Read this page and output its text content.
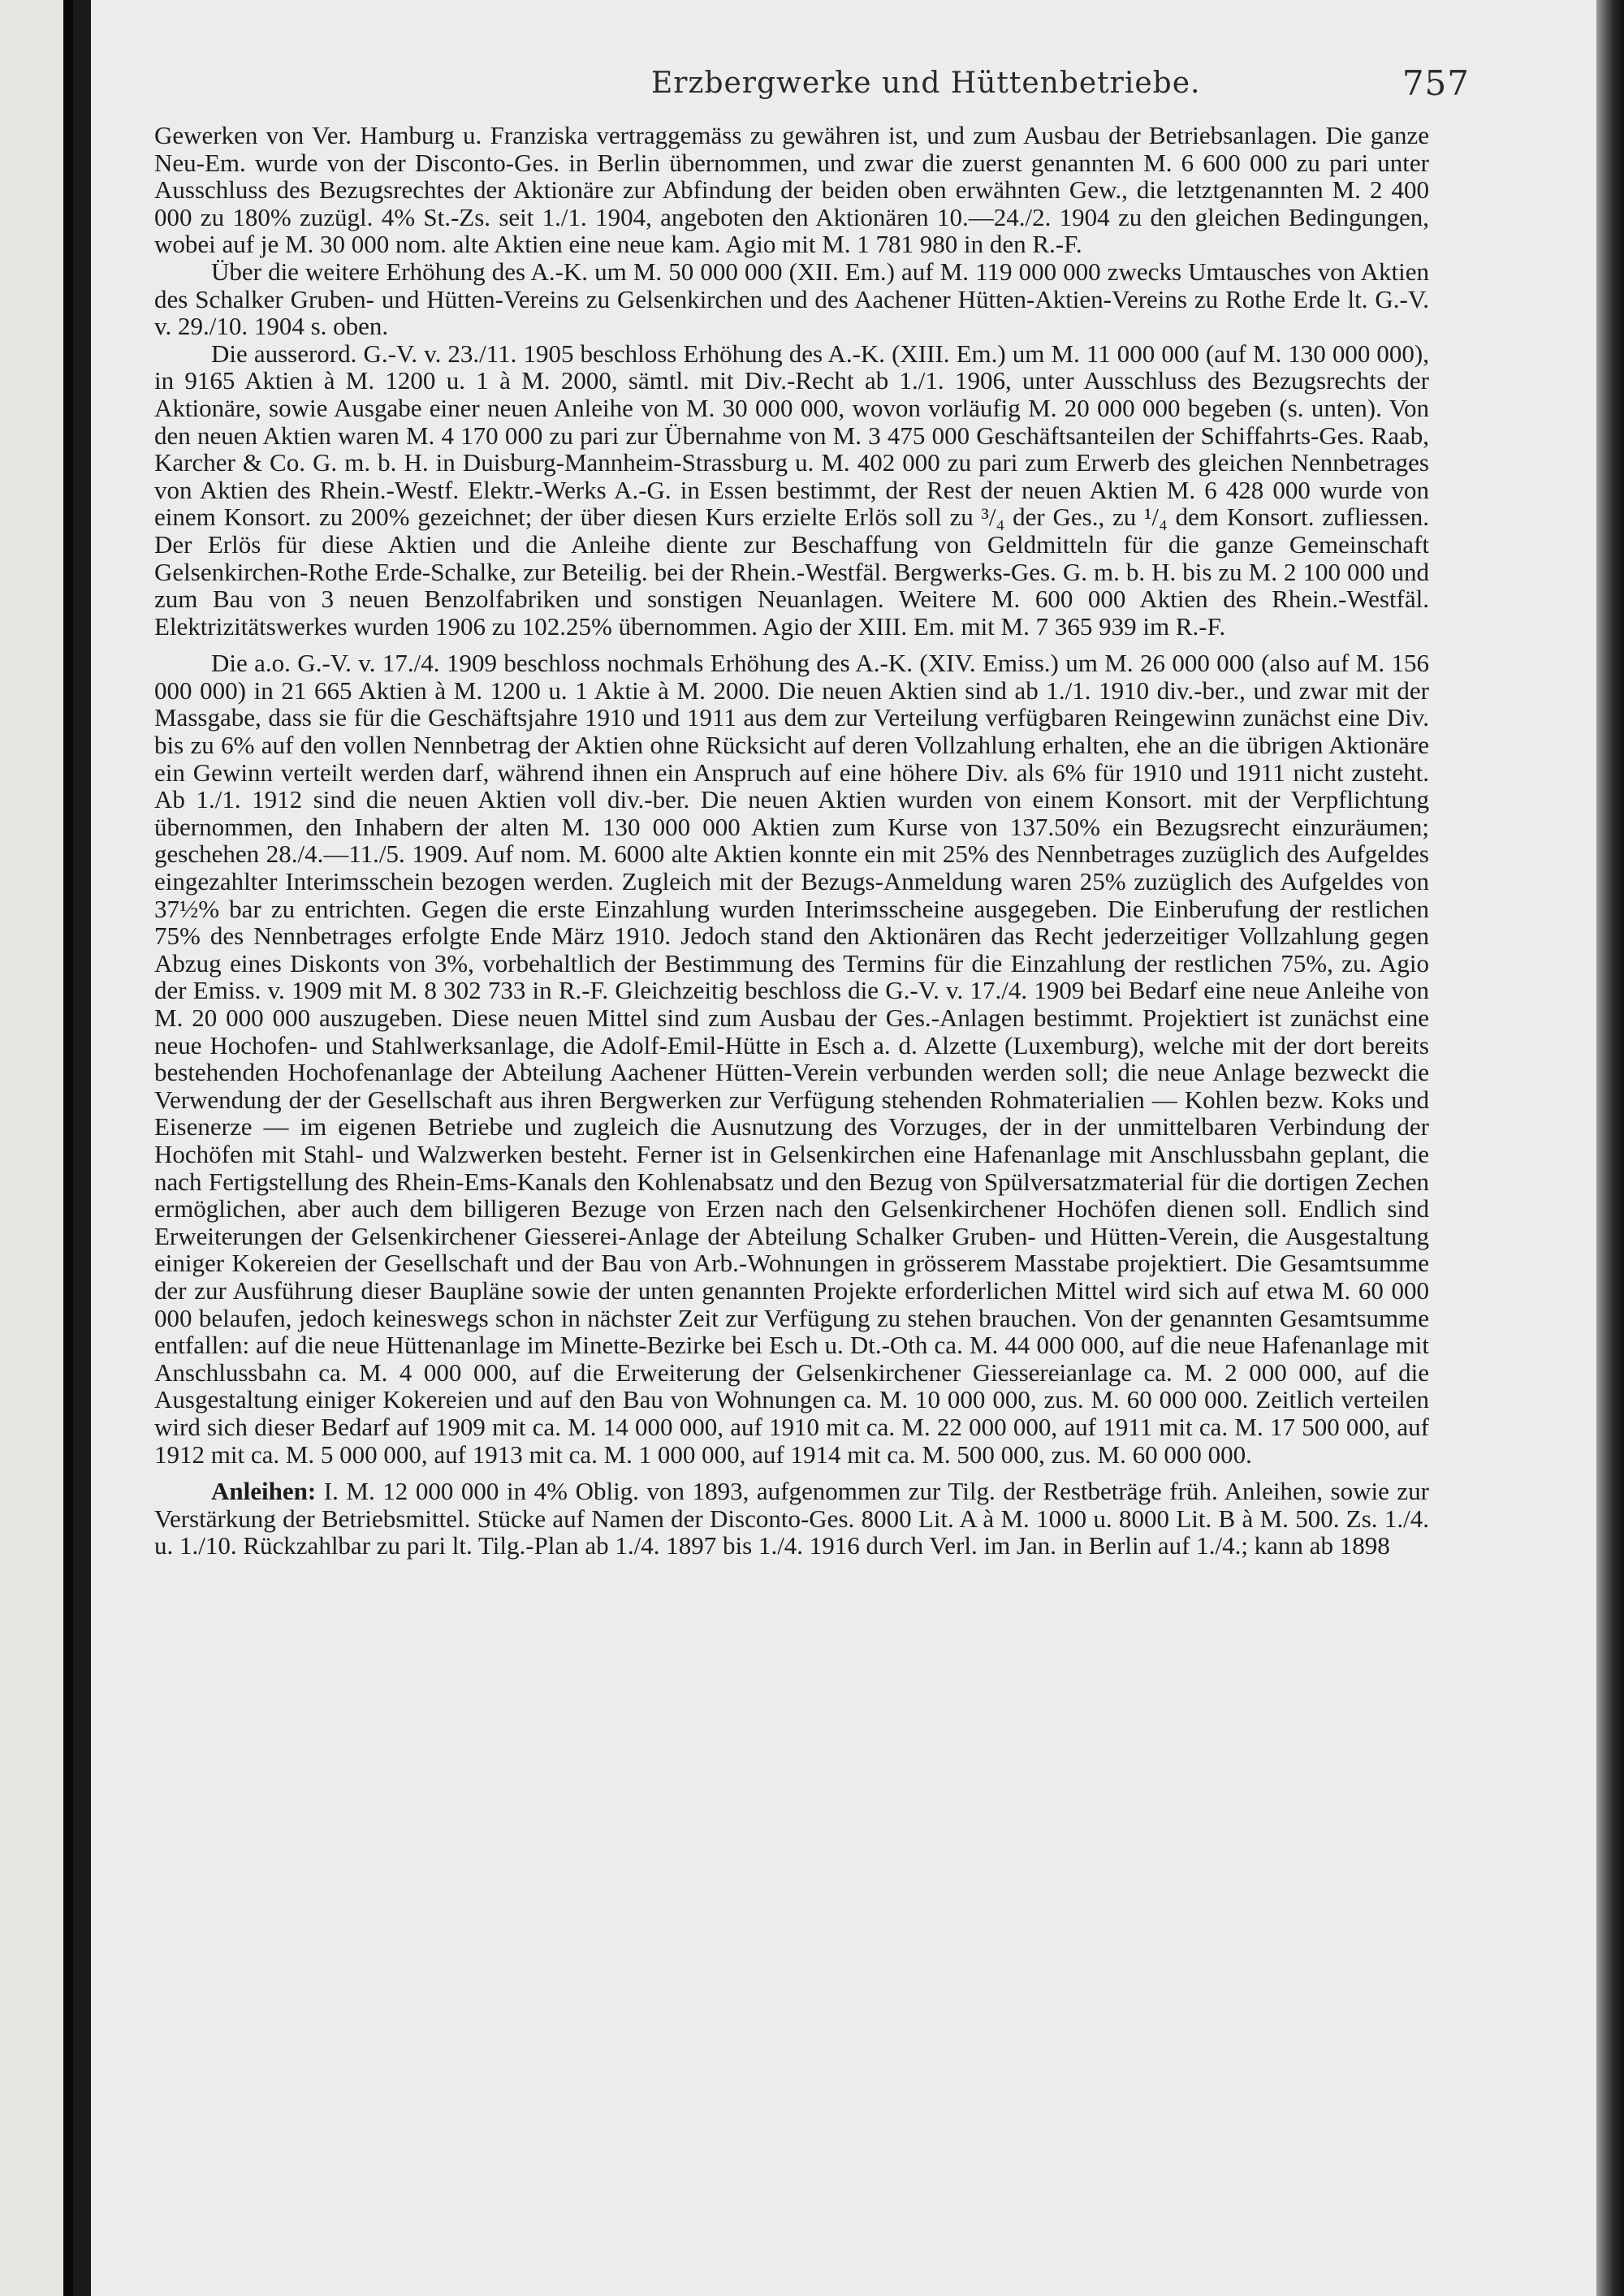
Erzbergwerke und Hüttenbetriebe.	757

Gewerken von Ver. Hamburg u. Franziska vertraggemäss zu gewähren ist, und zum Ausbau der Betriebsanlagen. Die ganze Neu-Em. wurde von der Disconto-Ges. in Berlin übernommen, und zwar die zuerst genannten M. 6 600 000 zu pari unter Ausschluss des Bezugsrechtes der Aktionäre zur Abfindung der beiden oben erwähnten Gew., die letztgenannten M. 2 400 000 zu 180% zuzügl. 4% St.-Zs. seit 1./1. 1904, angeboten den Aktionären 10.—24./2. 1904 zu den gleichen Bedingungen, wobei auf je M. 30 000 nom. alte Aktien eine neue kam. Agio mit M. 1 781 980 in den R.-F.

Über die weitere Erhöhung des A.-K. um M. 50 000 000 (XII. Em.) auf M. 119 000 000 zwecks Umtausches von Aktien des Schalker Gruben- und Hütten-Vereins zu Gelsenkirchen und des Aachener Hütten-Aktien-Vereins zu Rothe Erde lt. G.-V. v. 29./10. 1904 s. oben.

Die ausserord. G.-V. v. 23./11. 1905 beschloss Erhöhung des A.-K. (XIII. Em.) um M. 11 000 000 (auf M. 130 000 000), in 9165 Aktien à M. 1200 u. 1 à M. 2000, sämtl. mit Div.-Recht ab 1./1. 1906, unter Ausschluss des Bezugsrechts der Aktionäre, sowie Ausgabe einer neuen Anleihe von M. 30 000 000, wovon vorläufig M. 20 000 000 begeben (s. unten). Von den neuen Aktien waren M. 4 170 000 zu pari zur Übernahme von M. 3 475 000 Geschäftsanteilen der Schiffahrts-Ges. Raab, Karcher & Co. G. m. b. H. in Duisburg-Mannheim-Strassburg u. M. 402 000 zu pari zum Erwerb des gleichen Nennbetrages von Aktien des Rhein.-Westf. Elektr.-Werks A.-G. in Essen bestimmt, der Rest der neuen Aktien M. 6 428 000 wurde von einem Konsort. zu 200% gezeichnet; der über diesen Kurs erzielte Erlös soll zu ³/₄ der Ges., zu ¹/₄ dem Konsort. zufliessen. Der Erlös für diese Aktien und die Anleihe diente zur Beschaffung von Geldmitteln für die ganze Gemeinschaft Gelsenkirchen-Rothe Erde-Schalke, zur Beteilig. bei der Rhein.-Westfäl. Bergwerks-Ges. G. m. b. H. bis zu M. 2 100 000 und zum Bau von 3 neuen Benzolfabriken und sonstigen Neuanlagen. Weitere M. 600 000 Aktien des Rhein.-Westfäl. Elektrizitätswerkes wurden 1906 zu 102.25% übernommen. Agio der XIII. Em. mit M. 7 365 939 im R.-F.

Die a.o. G.-V. v. 17./4. 1909 beschloss nochmals Erhöhung des A.-K. (XIV. Emiss.) um M. 26 000 000 (also auf M. 156 000 000) in 21 665 Aktien à M. 1200 u. 1 Aktie à M. 2000. Die neuen Aktien sind ab 1./1. 1910 div.-ber., und zwar mit der Massgabe, dass sie für die Geschäftsjahre 1910 und 1911 aus dem zur Verteilung verfügbaren Reingewinn zunächst eine Div. bis zu 6% auf den vollen Nennbetrag der Aktien ohne Rücksicht auf deren Vollzahlung erhalten, ehe an die übrigen Aktionäre ein Gewinn verteilt werden darf, während ihnen ein Anspruch auf eine höhere Div. als 6% für 1910 und 1911 nicht zusteht. Ab 1./1. 1912 sind die neuen Aktien voll div.-ber. Die neuen Aktien wurden von einem Konsort. mit der Verpflichtung übernommen, den Inhabern der alten M. 130 000 000 Aktien zum Kurse von 137.50% ein Bezugsrecht einzuräumen; geschehen 28./4.—11./5. 1909. Auf nom. M. 6000 alte Aktien konnte ein mit 25% des Nennbetrages zuzüglich des Aufgeldes eingezahlter Interimsschein bezogen werden. Zugleich mit der Bezugs-Anmeldung waren 25% zuzüglich des Aufgeldes von 37½% bar zu entrichten. Gegen die erste Einzahlung wurden Interimsscheine ausgegeben. Die Einberufung der restlichen 75% des Nennbetrages erfolgte Ende März 1910. Jedoch stand den Aktionären das Recht jederzeitiger Vollzahlung gegen Abzug eines Diskonts von 3%, vorbehaltlich der Bestimmung des Termins für die Einzahlung der restlichen 75%, zu. Agio der Emiss. v. 1909 mit M. 8 302 733 in R.-F. Gleichzeitig beschloss die G.-V. v. 17./4. 1909 bei Bedarf eine neue Anleihe von M. 20 000 000 auszugeben. Diese neuen Mittel sind zum Ausbau der Ges.-Anlagen bestimmt. Projektiert ist zunächst eine neue Hochofen- und Stahlwerksanlage, die Adolf-Emil-Hütte in Esch a. d. Alzette (Luxemburg), welche mit der dort bereits bestehenden Hochofenanlage der Abteilung Aachener Hütten-Verein verbunden werden soll; die neue Anlage bezweckt die Verwendung der der Gesellschaft aus ihren Bergwerken zur Verfügung stehenden Rohmaterialien — Kohlen bezw. Koks und Eisenerze — im eigenen Betriebe und zugleich die Ausnutzung des Vorzuges, der in der unmittelbaren Verbindung der Hochöfen mit Stahl- und Walzwerken besteht. Ferner ist in Gelsenkirchen eine Hafenanlage mit Anschlussbahn geplant, die nach Fertigstellung des Rhein-Ems-Kanals den Kohlenabsatz und den Bezug von Spülversatzmaterial für die dortigen Zechen ermöglichen, aber auch dem billigeren Bezuge von Erzen nach den Gelsenkirchener Hochöfen dienen soll. Endlich sind Erweiterungen der Gelsenkirchener Giesserei-Anlage der Abteilung Schalker Gruben- und Hütten-Verein, die Ausgestaltung einiger Kokereien der Gesellschaft und der Bau von Arb.-Wohnungen in grösserem Masstabe projektiert. Die Gesamtsumme der zur Ausführung dieser Baupläne sowie der unten genannten Projekte erforderlichen Mittel wird sich auf etwa M. 60 000 000 belaufen, jedoch keineswegs schon in nächster Zeit zur Verfügung zu stehen brauchen. Von der genannten Gesamtsumme entfallen: auf die neue Hüttenanlage im Minette-Bezirke bei Esch u. Dt.-Oth ca. M. 44 000 000, auf die neue Hafenanlage mit Anschlussbahn ca. M. 4 000 000, auf die Erweiterung der Gelsenkirchener Giessereianlage ca. M. 2 000 000, auf die Ausgestaltung einiger Kokereien und auf den Bau von Wohnungen ca. M. 10 000 000, zus. M. 60 000 000. Zeitlich verteilen wird sich dieser Bedarf auf 1909 mit ca. M. 14 000 000, auf 1910 mit ca. M. 22 000 000, auf 1911 mit ca. M. 17 500 000, auf 1912 mit ca. M. 5 000 000, auf 1913 mit ca. M. 1 000 000, auf 1914 mit ca. M. 500 000, zus. M. 60 000 000.

Anleihen: I. M. 12 000 000 in 4% Oblig. von 1893, aufgenommen zur Tilg. der Restbeträge früh. Anleihen, sowie zur Verstärkung der Betriebsmittel. Stücke auf Namen der Disconto-Ges. 8000 Lit. A à M. 1000 u. 8000 Lit. B à M. 500. Zs. 1./4. u. 1./10. Rückzahlbar zu pari lt. Tilg.-Plan ab 1./4. 1897 bis 1./4. 1916 durch Verl. im Jan. in Berlin auf 1./4.; kann ab 1898
